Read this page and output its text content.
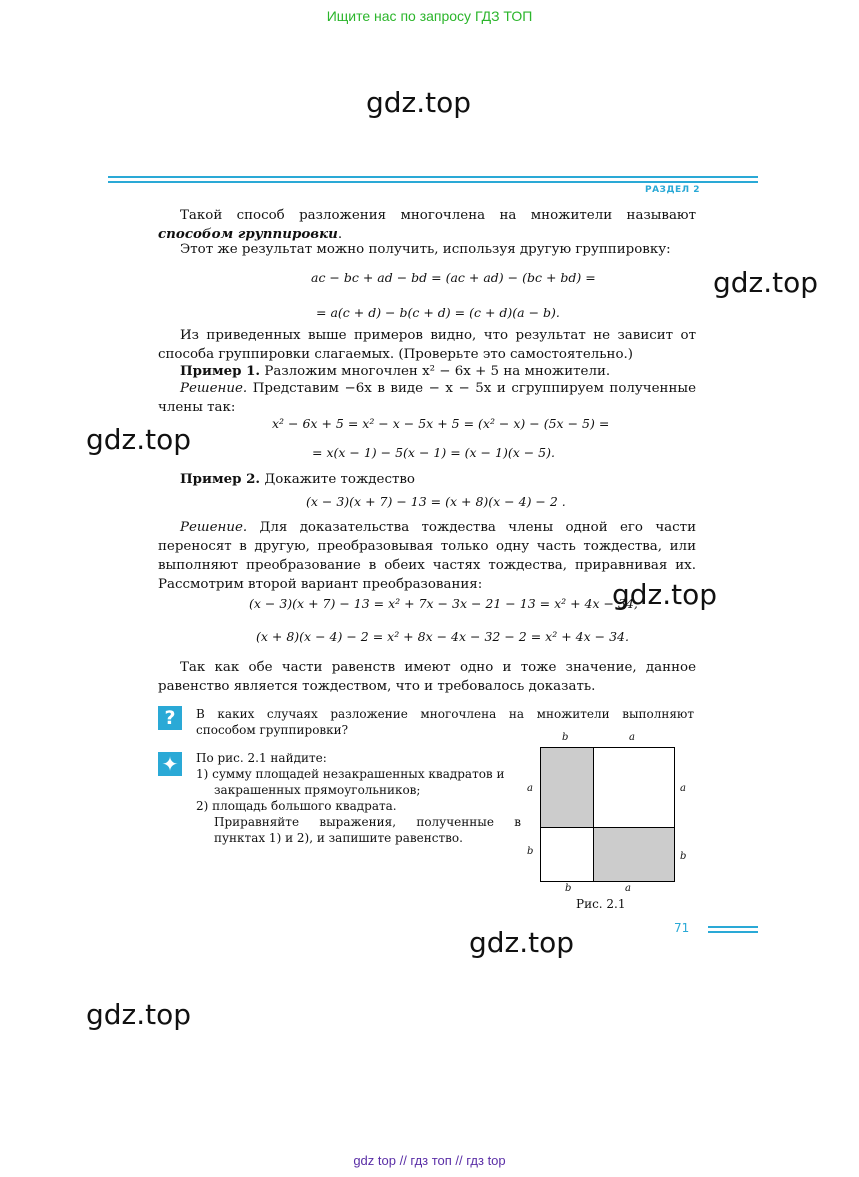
Ищите нас по запросу ГДЗ ТОП
gdz.top
РАЗДЕЛ 2
Такой способ разложения многочлена на множители называют способом группировки.
Этот же результат можно получить, используя другую группировку:
ac − bc + ad − bd = (ac + ad) − (bc + bd) =	gdz.top
= a(c + d) − b(c + d) = (c + d)(a − b).
Из приведенных выше примеров видно, что результат не зависит от способа группировки слагаемых. (Проверьте это самостоятельно.)
Пример 1. Разложим многочлен x² − 6x + 5 на множители.
Решение. Представим −6x в виде − x − 5x и сгруппируем полученные члены так:
gdz.top	x² − 6x + 5 = x² − x − 5x + 5 = (x² − x) − (5x − 5) =
= x(x − 1) − 5(x − 1) = (x − 1)(x − 5).
Пример 2. Докажите тождество
(x − 3)(x + 7) − 13 = (x + 8)(x − 4) − 2 .
Решение. Для доказательства тождества члены одной его части переносят в другую, преобразовывая только одну часть тождества, или выполняют преобразование в обеих частях тождества, приравнивая их. Рассмотрим второй вариант преобразования:
(x − 3)(x + 7) − 13 = x² + 7x − 3x − 21 − 13 = x² + 4x − 34,
gdz.top
(x + 8)(x − 4) − 2 = x² + 8x − 4x − 32 − 2 = x² + 4x − 34.
Так как обе части равенств имеют одно и тоже значение, данное равенство является тождеством, что и требовалось доказать.
?	В каких случаях разложение многочлена на множители выполняют способом группировки?
✦	По рис. 2.1 найдите:
1) сумму площадей незакрашенных квадратов и закрашенных прямоугольников;
2) площадь большого квадрата.
Приравняйте выражения, полученные в пунктах 1) и 2), и запишите равенство.
b	a
a
b
a
b
b	a
Рис. 2.1
71
gdz.top
gdz.top
gdz top // гдз топ // гдз top
